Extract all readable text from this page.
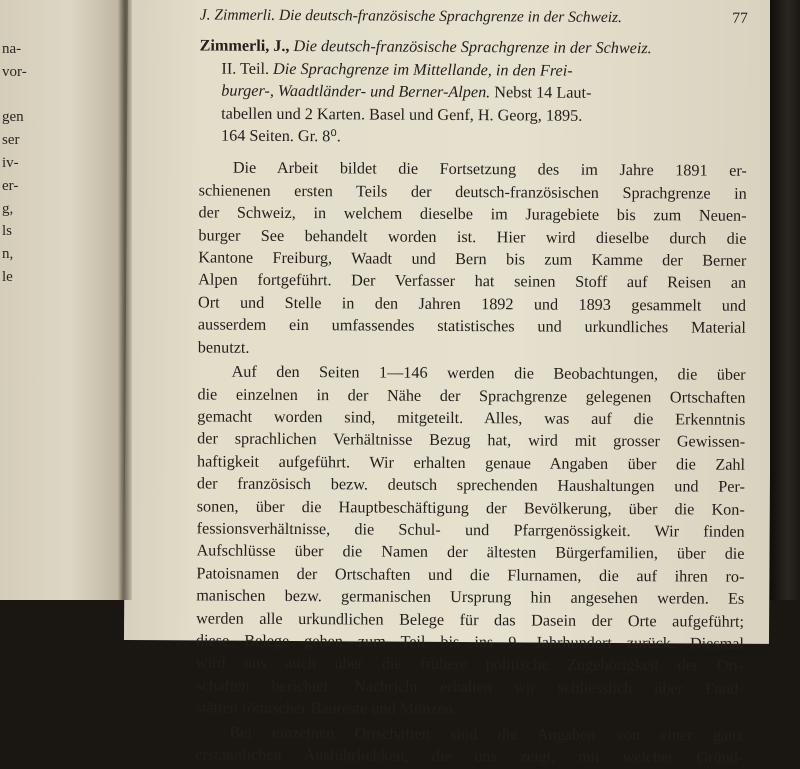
na-
vor-

gen
ser
iv-
er-
g,
ls
n,
le
J. Zimmerli. Die deutsch-französische Sprachgrenze in der Schweiz.	77
Zimmerli, J., Die deutsch-französische Sprachgrenze in der Schweiz.
II. Teil. Die Sprachgrenze im Mittellande, in den Frei-
burger-, Waadtländer- und Berner-Alpen. Nebst 14 Laut-
tabellen und 2 Karten. Basel und Genf, H. Georg, 1895.
164 Seiten. Gr. 8⁰.
Die Arbeit bildet die Fortsetzung des im Jahre 1891 er-
schienenen ersten Teils der deutsch-französischen Sprachgrenze in
der Schweiz, in welchem dieselbe im Juragebiete bis zum Neuen-
burger See behandelt worden ist. Hier wird dieselbe durch die
Kantone Freiburg, Waadt und Bern bis zum Kamme der Berner
Alpen fortgeführt. Der Verfasser hat seinen Stoff auf Reisen an
Ort und Stelle in den Jahren 1892 und 1893 gesammelt und
ausserdem ein umfassendes statistisches und urkundliches Material
benutzt.
Auf den Seiten 1—146 werden die Beobachtungen, die über
die einzelnen in der Nähe der Sprachgrenze gelegenen Ortschaften
gemacht worden sind, mitgeteilt. Alles, was auf die Erkenntnis
der sprachlichen Verhältnisse Bezug hat, wird mit grosser Gewissen-
haftigkeit aufgeführt. Wir erhalten genaue Angaben über die Zahl
der französisch bezw. deutsch sprechenden Haushaltungen und Per-
sonen, über die Hauptbeschäftigung der Bevölkerung, über die Kon-
fessionsverhältnisse, die Schul- und Pfarrgenössigkeit. Wir finden
Aufschlüsse über die Namen der ältesten Bürgerfamilien, über die
Patoisnamen der Ortschaften und die Flurnamen, die auf ihren ro-
manischen bezw. germanischen Ursprung hin angesehen werden. Es
werden alle urkundlichen Belege für das Dasein der Orte aufgeführt;
diese Belege gehen zum Teil bis ins 9. Jahrhundert zurück. Diesmal
wird uns auch über die frühere politische Zugehörigkeit der Ort-
schaften berichtet. Nachricht erhalten wir schliesslich über Fund-
stätten römischer Baureste und Münzen.
Bei einzelnen Ortschaften sind die Angaben von einer ganz
erstaunlichen Ausführlichkeit, die uns zeigt, mit welcher Gründ-
